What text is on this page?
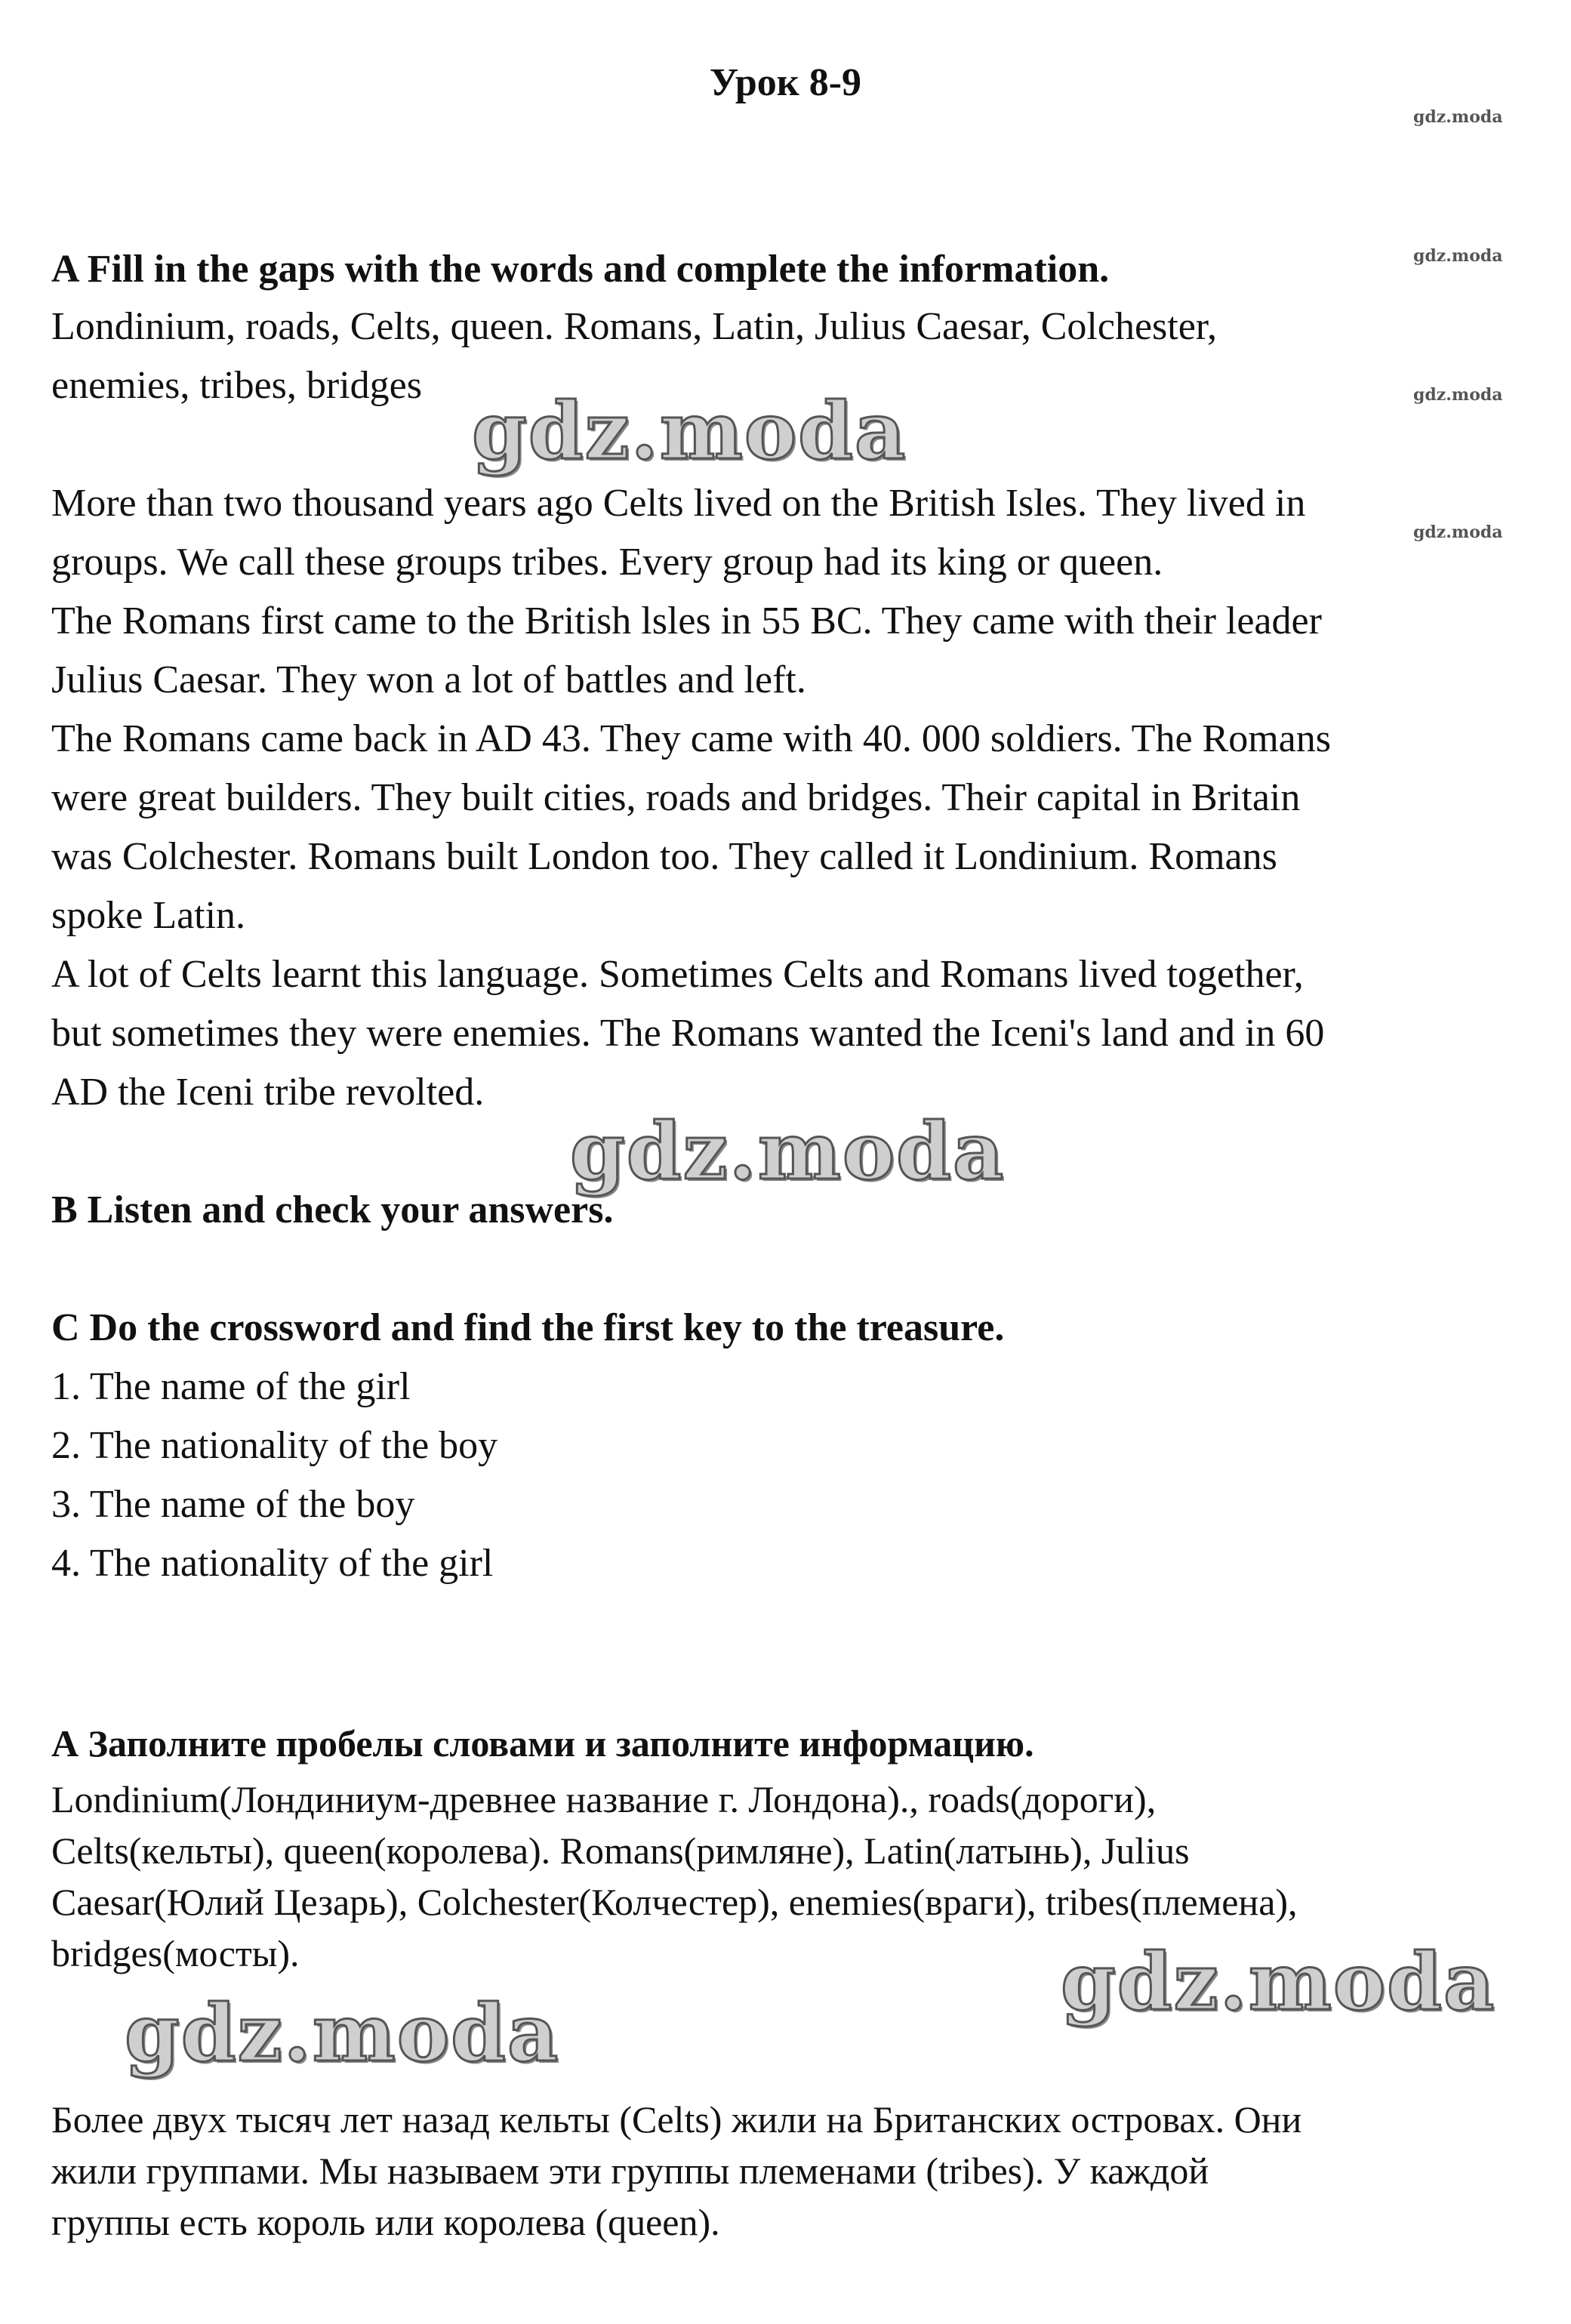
Урок 8-9
gdz.moda
gdz.moda
gdz.moda
gdz.moda

A Fill in the gaps with the words and complete the information.

Londinium, roads, Celts, queen. Romans, Latin, Julius Caesar, Colchester,

enemies, tribes, bridges gdz.moda

More than two thousand years ago Celts lived on the British Isles. They lived in

groups. We call these groups tribes. Every group had its king or queen.

The Romans first came to the British lsles in 55 BC. They came with their leader

Julius Caesar. They won a lot of battles and left.

The Romans came back in AD 43. They came with 40. 000 soldiers. The Romans

were great builders. They built cities, roads and bridges. Their capital in Britain

was Colchester. Romans built London too. They called it Londinium. Romans

spoke Latin.

A lot of Celts learnt this language. Sometimes Celts and Romans lived together,

but sometimes they were enemies. The Romans wanted the Iceni's land and in 60

AD the Iceni tribe revolted.

gdz.moda

B Listen and check your answers.

C Do the crossword and find the first key to the treasure.

1. The name of the girl

2. The nationality of the boy

3. The name of the boy

4. The nationality of the girl

А Заполните пробелы словами и заполните информацию.

Londinium(Лондиниум-древнее название г. Лондона)., roads(дороги),

Celts(кельты), queen(королева). Romans(римляне), Latin(латынь), Julius

Caesar(Юлий Цезарь), Colchester(Колчестер), enemies(враги), tribes(племена),

bridges(мосты).	gdz.moda
gdz.moda

Более двух тысяч лет назад кельты (Celts) жили на Британских островах. Они

жили группами. Мы называем эти группы племенами (tribes). У каждой

группы есть король или королева (queen).
